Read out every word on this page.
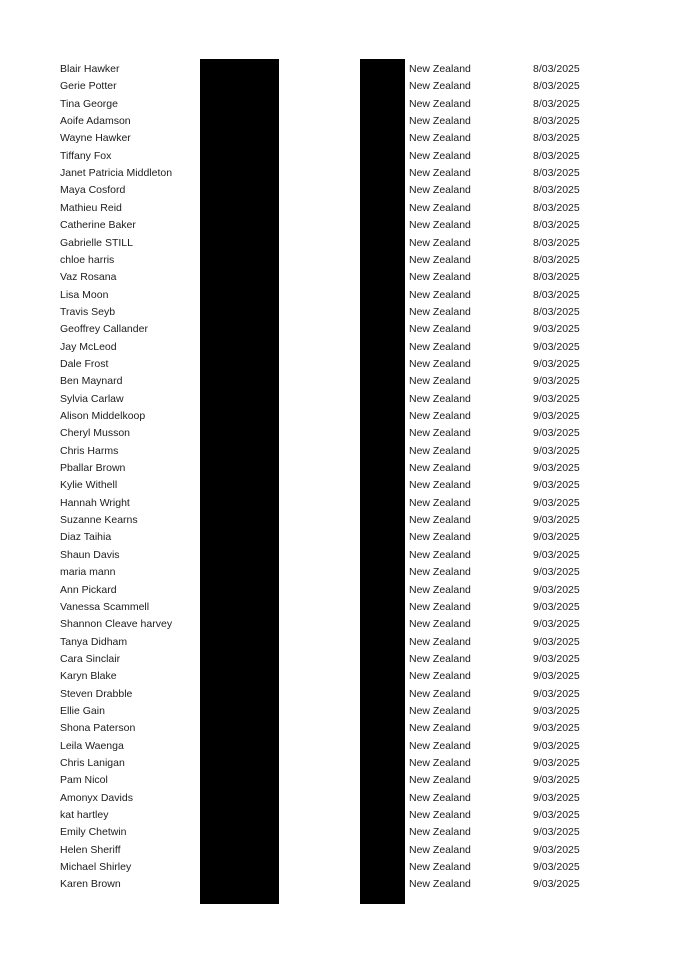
Blair Hawker	New Zealand	8/03/2025
Gerie Potter	New Zealand	8/03/2025
Tina George	New Zealand	8/03/2025
Aoife Adamson	New Zealand	8/03/2025
Wayne Hawker	New Zealand	8/03/2025
Tiffany Fox	New Zealand	8/03/2025
Janet Patricia Middleton	New Zealand	8/03/2025
Maya Cosford	New Zealand	8/03/2025
Mathieu Reid	New Zealand	8/03/2025
Catherine Baker	New Zealand	8/03/2025
Gabrielle STILL	New Zealand	8/03/2025
chloe harris	New Zealand	8/03/2025
Vaz Rosana	New Zealand	8/03/2025
Lisa Moon	New Zealand	8/03/2025
Travis Seyb	New Zealand	8/03/2025
Geoffrey Callander	New Zealand	9/03/2025
Jay McLeod	New Zealand	9/03/2025
Dale Frost	New Zealand	9/03/2025
Ben Maynard	New Zealand	9/03/2025
Sylvia Carlaw	New Zealand	9/03/2025
Alison Middelkoop	New Zealand	9/03/2025
Cheryl Musson	New Zealand	9/03/2025
Chris Harms	New Zealand	9/03/2025
Pballar Brown	New Zealand	9/03/2025
Kylie Withell	New Zealand	9/03/2025
Hannah Wright	New Zealand	9/03/2025
Suzanne Kearns	New Zealand	9/03/2025
Diaz Taihia	New Zealand	9/03/2025
Shaun Davis	New Zealand	9/03/2025
maria mann	New Zealand	9/03/2025
Ann Pickard	New Zealand	9/03/2025
Vanessa Scammell	New Zealand	9/03/2025
Shannon Cleave harvey	New Zealand	9/03/2025
Tanya Didham	New Zealand	9/03/2025
Cara Sinclair	New Zealand	9/03/2025
Karyn Blake	New Zealand	9/03/2025
Steven Drabble	New Zealand	9/03/2025
Ellie Gain	New Zealand	9/03/2025
Shona Paterson	New Zealand	9/03/2025
Leila Waenga	New Zealand	9/03/2025
Chris Lanigan	New Zealand	9/03/2025
Pam Nicol	New Zealand	9/03/2025
Amonyx Davids	New Zealand	9/03/2025
kat hartley	New Zealand	9/03/2025
Emily Chetwin	New Zealand	9/03/2025
Helen Sheriff	New Zealand	9/03/2025
Michael Shirley	New Zealand	9/03/2025
Karen Brown	New Zealand	9/03/2025
